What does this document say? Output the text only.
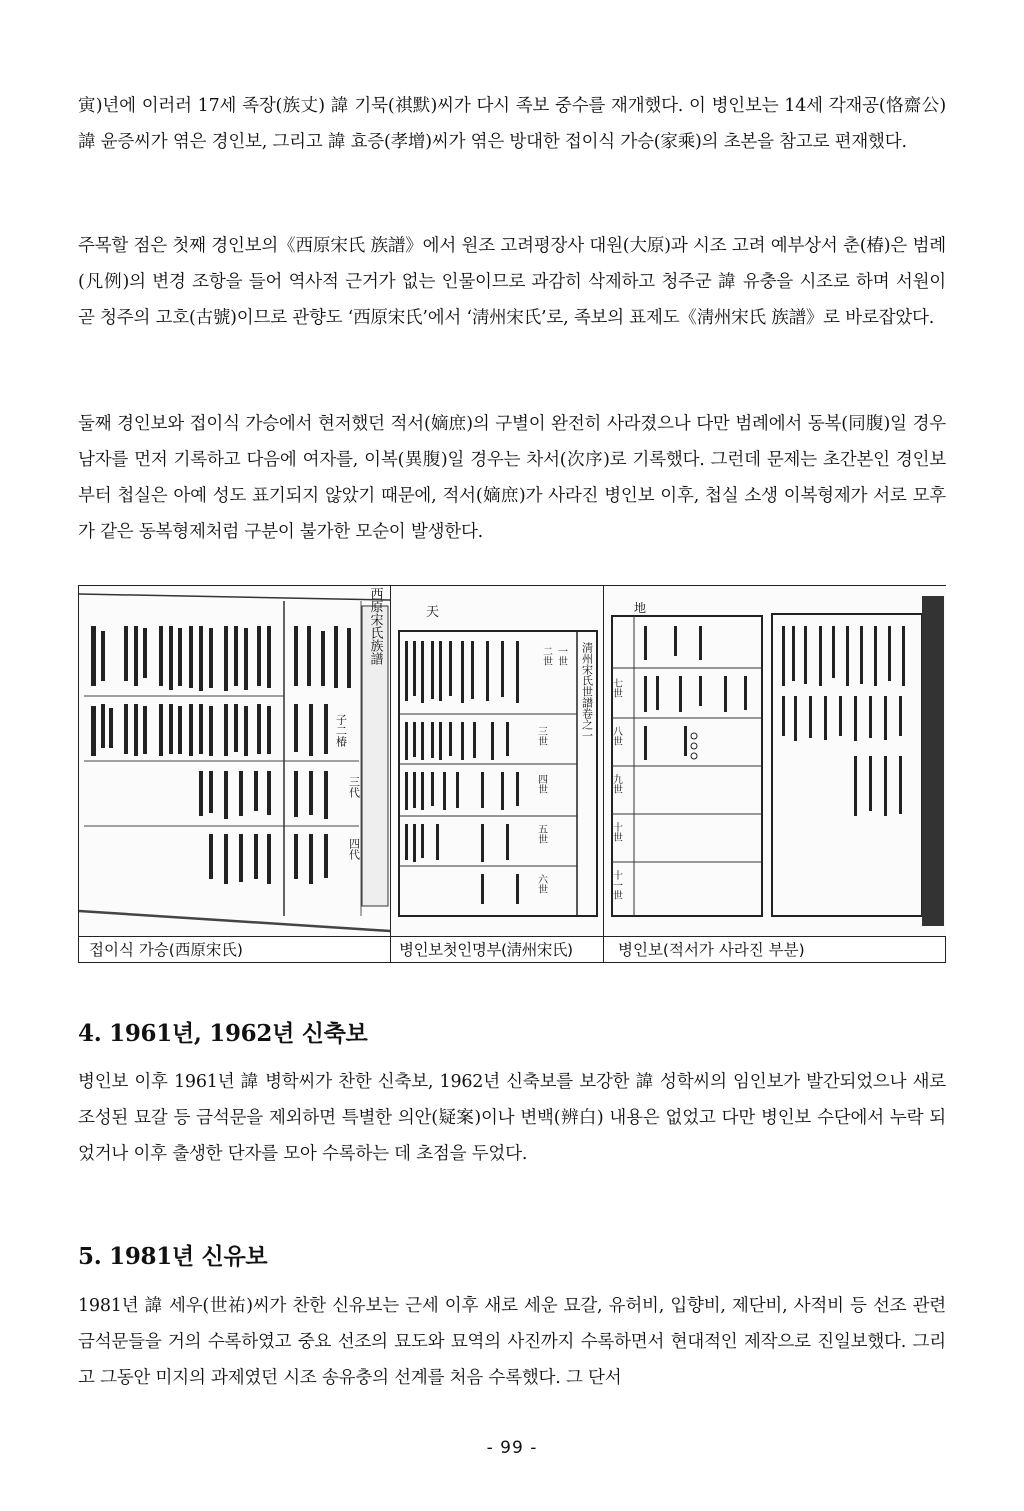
寅)년에 이러러 17세 족장(族丈) 諱 기묵(祺默)씨가 다시 족보 중수를 재개했다. 이 병인보는 14세 각재공(恪齋公) 諱 윤증씨가 엮은 경인보, 그리고 諱 효증(孝增)씨가 엮은 방대한 접이식 가승(家乘)의 초본을 참고로 편재했다.

주목할 점은 첫째 경인보의《西原宋氏 族譜》에서 원조 고려평장사 대원(大原)과 시조 고려 예부상서 춘(椿)은 범례(凡例)의 변경 조항을 들어 역사적 근거가 없는 인물이므로 과감히 삭제하고 청주군 諱 유충을 시조로 하며 서원이 곧 청주의 고호(古號)이므로 관향도 ‘西原宋氏’에서 ‘淸州宋氏’로, 족보의 표제도《淸州宋氏 族譜》로 바로잡았다.

둘째 경인보와 접이식 가승에서 현저했던 적서(嫡庶)의 구별이 완전히 사라졌으나 다만 범례에서 동복(同腹)일 경우 남자를 먼저 기록하고 다음에 여자를, 이복(異腹)일 경우는 차서(次序)로 기록했다. 그런데 문제는 초간본인 경인보부터 첩실은 아예 성도 표기되지 않았기 때문에, 적서(嫡庶)가 사라진 병인보 이후, 첩실 소생 이복형제가 서로 모후가 같은 동복형제처럼 구분이 불가한 모순이 발생한다.

西原宋氏族譜
子二椿
三代
四代
天
淸州宋氏世譜卷之一
一世
二世
三世
四世
五世
六世
地
七世
八世
九世
十世
十一世
접이식 가승(西原宋氏)	병인보첫인명부(淸州宋氏)	병인보(적서가 사라진 부분)
4. 1961년, 1962년 신축보

병인보 이후 1961년 諱 병학씨가 찬한 신축보, 1962년 신축보를 보강한 諱 성학씨의 임인보가 발간되었으나 새로 조성된 묘갈 등 금석문을 제외하면 특별한 의안(疑案)이나 변백(辨白) 내용은 없었고 다만 병인보 수단에서 누락 되었거나 이후 출생한 단자를 모아 수록하는 데 초점을 두었다.

5. 1981년 신유보

1981년 諱 세우(世祐)씨가 찬한 신유보는 근세 이후 새로 세운 묘갈, 유허비, 입향비, 제단비, 사적비 등 선조 관련 금석문들을 거의 수록하였고 중요 선조의 묘도와 묘역의 사진까지 수록하면서 현대적인 제작으로 진일보했다. 그리고 그동안 미지의 과제였던 시조 송유충의 선계를 처음 수록했다. 그 단서

- 99 -
